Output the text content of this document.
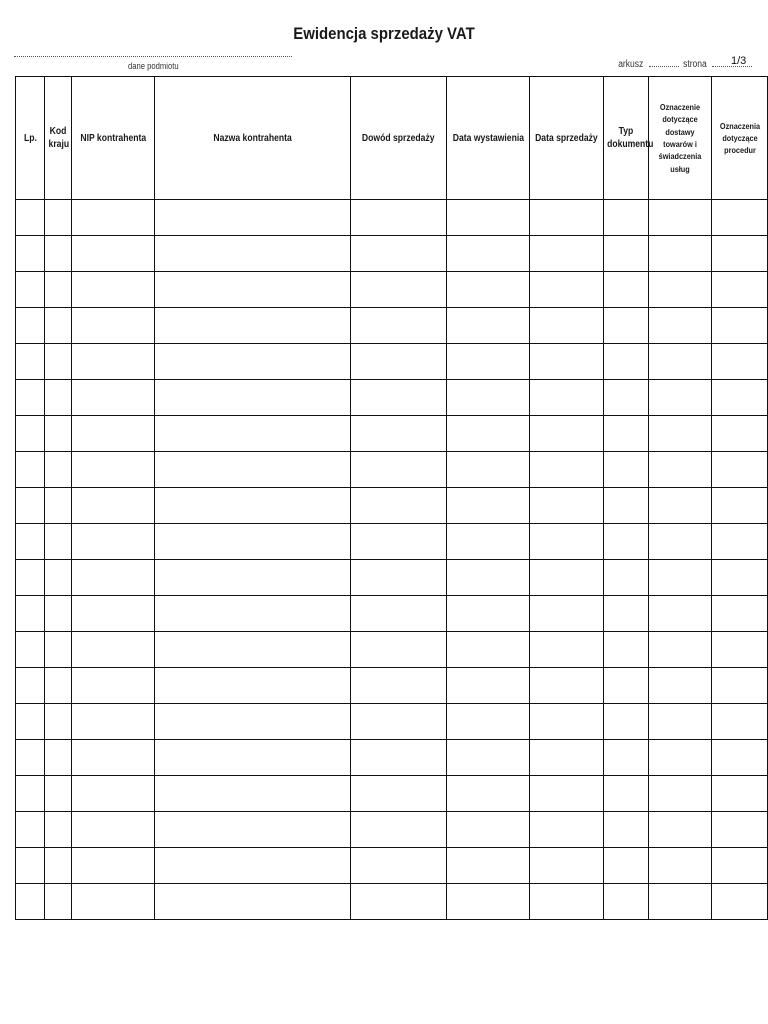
Ewidencja sprzedaży VAT
dane podmiotu	arkusz	strona	1/3
Lp.	Kod kraju	NIP kontrahenta	Nazwa kontrahenta	Dowód sprzedaży	Data wystawienia	Data sprzedaży	Typ dokumentu	Oznaczenie dotyczące dostawy towarów i świadczenia usług	Oznaczenia dotyczące procedur
